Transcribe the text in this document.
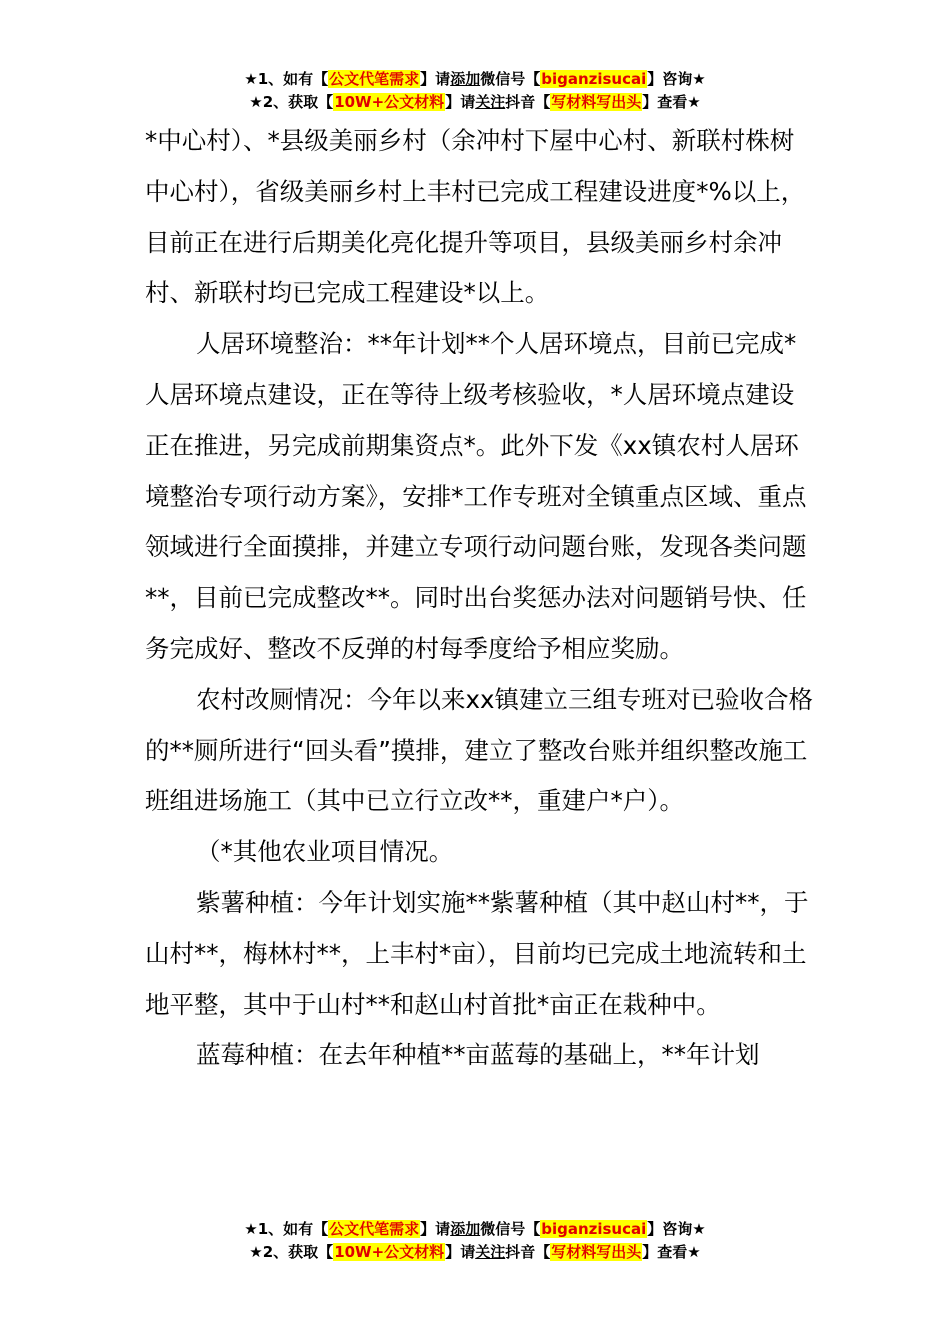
★1、如有【公文代笔需求】请添加微信号【biganzisucai】咨询★
★2、获取【10W+公文材料】请关注抖音【写材料写出头】查看★

*中心村）、*县级美丽乡村（余冲村下屋中心村、新联村株树中心村），省级美丽乡村上丰村已完成工程建设进度*%以上，目前正在进行后期美化亮化提升等项目，县级美丽乡村余冲村、新联村均已完成工程建设*以上。

人居环境整治：**年计划**个人居环境点，目前已完成*人居环境点建设，正在等待上级考核验收，*人居环境点建设正在推进，另完成前期集资点*。此外下发《xx镇农村人居环境整治专项行动方案》，安排*工作专班对全镇重点区域、重点领域进行全面摸排，并建立专项行动问题台账，发现各类问题**，目前已完成整改**。同时出台奖惩办法对问题销号快、任务完成好、整改不反弹的村每季度给予相应奖励。

农村改厕情况：今年以来xx镇建立三组专班对已验收合格的**厕所进行“回头看”摸排，建立了整改台账并组织整改施工班组进场施工（其中已立行立改**，重建户*户）。

（*其他农业项目情况。

紫薯种植：今年计划实施**紫薯种植（其中赵山村**，于山村**，梅林村**，上丰村*亩），目前均已完成土地流转和土地平整，其中于山村**和赵山村首批*亩正在栽种中。

蓝莓种植：在去年种植**亩蓝莓的基础上，**年计划

★1、如有【公文代笔需求】请添加微信号【biganzisucai】咨询★
★2、获取【10W+公文材料】请关注抖音【写材料写出头】查看★
